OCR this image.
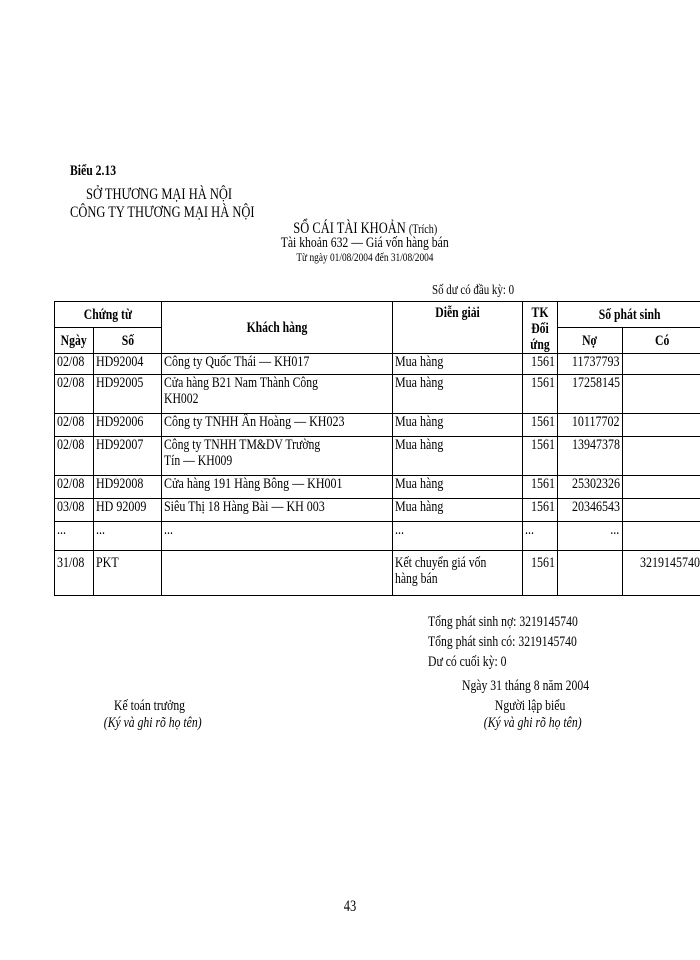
Biểu 2.13
SỞ THƯƠNG MẠI HÀ NỘI
CÔNG TY THƯƠNG MẠI HÀ NỘI
SỔ CÁI TÀI KHOẢN (Trích)
Tài khoản 632 — Giá vốn hàng bán
Từ ngày 01/08/2004 đến 31/08/2004
Số dư có đầu kỳ: 0
Chứng từ		Khách hàng	Diễn giải	TK Đối ứng	Số phát sinh	
Ngày	Số				Nợ	Có
02/08	HD92004	Công ty Quốc Thái — KH017	Mua hàng	1561	11737793	
02/08	HD92005	Cửa hàng B21 Nam Thành Công KH002	Mua hàng	1561	17258145	
02/08	HD92006	Công ty TNHH Ân Hoàng — KH023	Mua hàng	1561	10117702	
02/08	HD92007	Công ty TNHH TM&DV Trường Tín — KH009	Mua hàng	1561	13947378	
02/08	HD92008	Cửa hàng 191 Hàng Bông — KH001	Mua hàng	1561	25302326	
03/08	HD 92009	Siêu Thị 18 Hàng Bài — KH 003	Mua hàng	1561	20346543	
...	...	...	...	...	...	
31/08	PKT		Kết chuyển giá vốn hàng bán	1561		3219145740
Tổng phát sinh nợ: 3219145740
Tổng phát sinh có: 3219145740
Dư có cuối kỳ: 0
Ngày 31 tháng 8 năm 2004
Kế toán trưởng
(Ký và ghi rõ họ tên)
Người lập biểu
(Ký và ghi rõ họ tên)
43
